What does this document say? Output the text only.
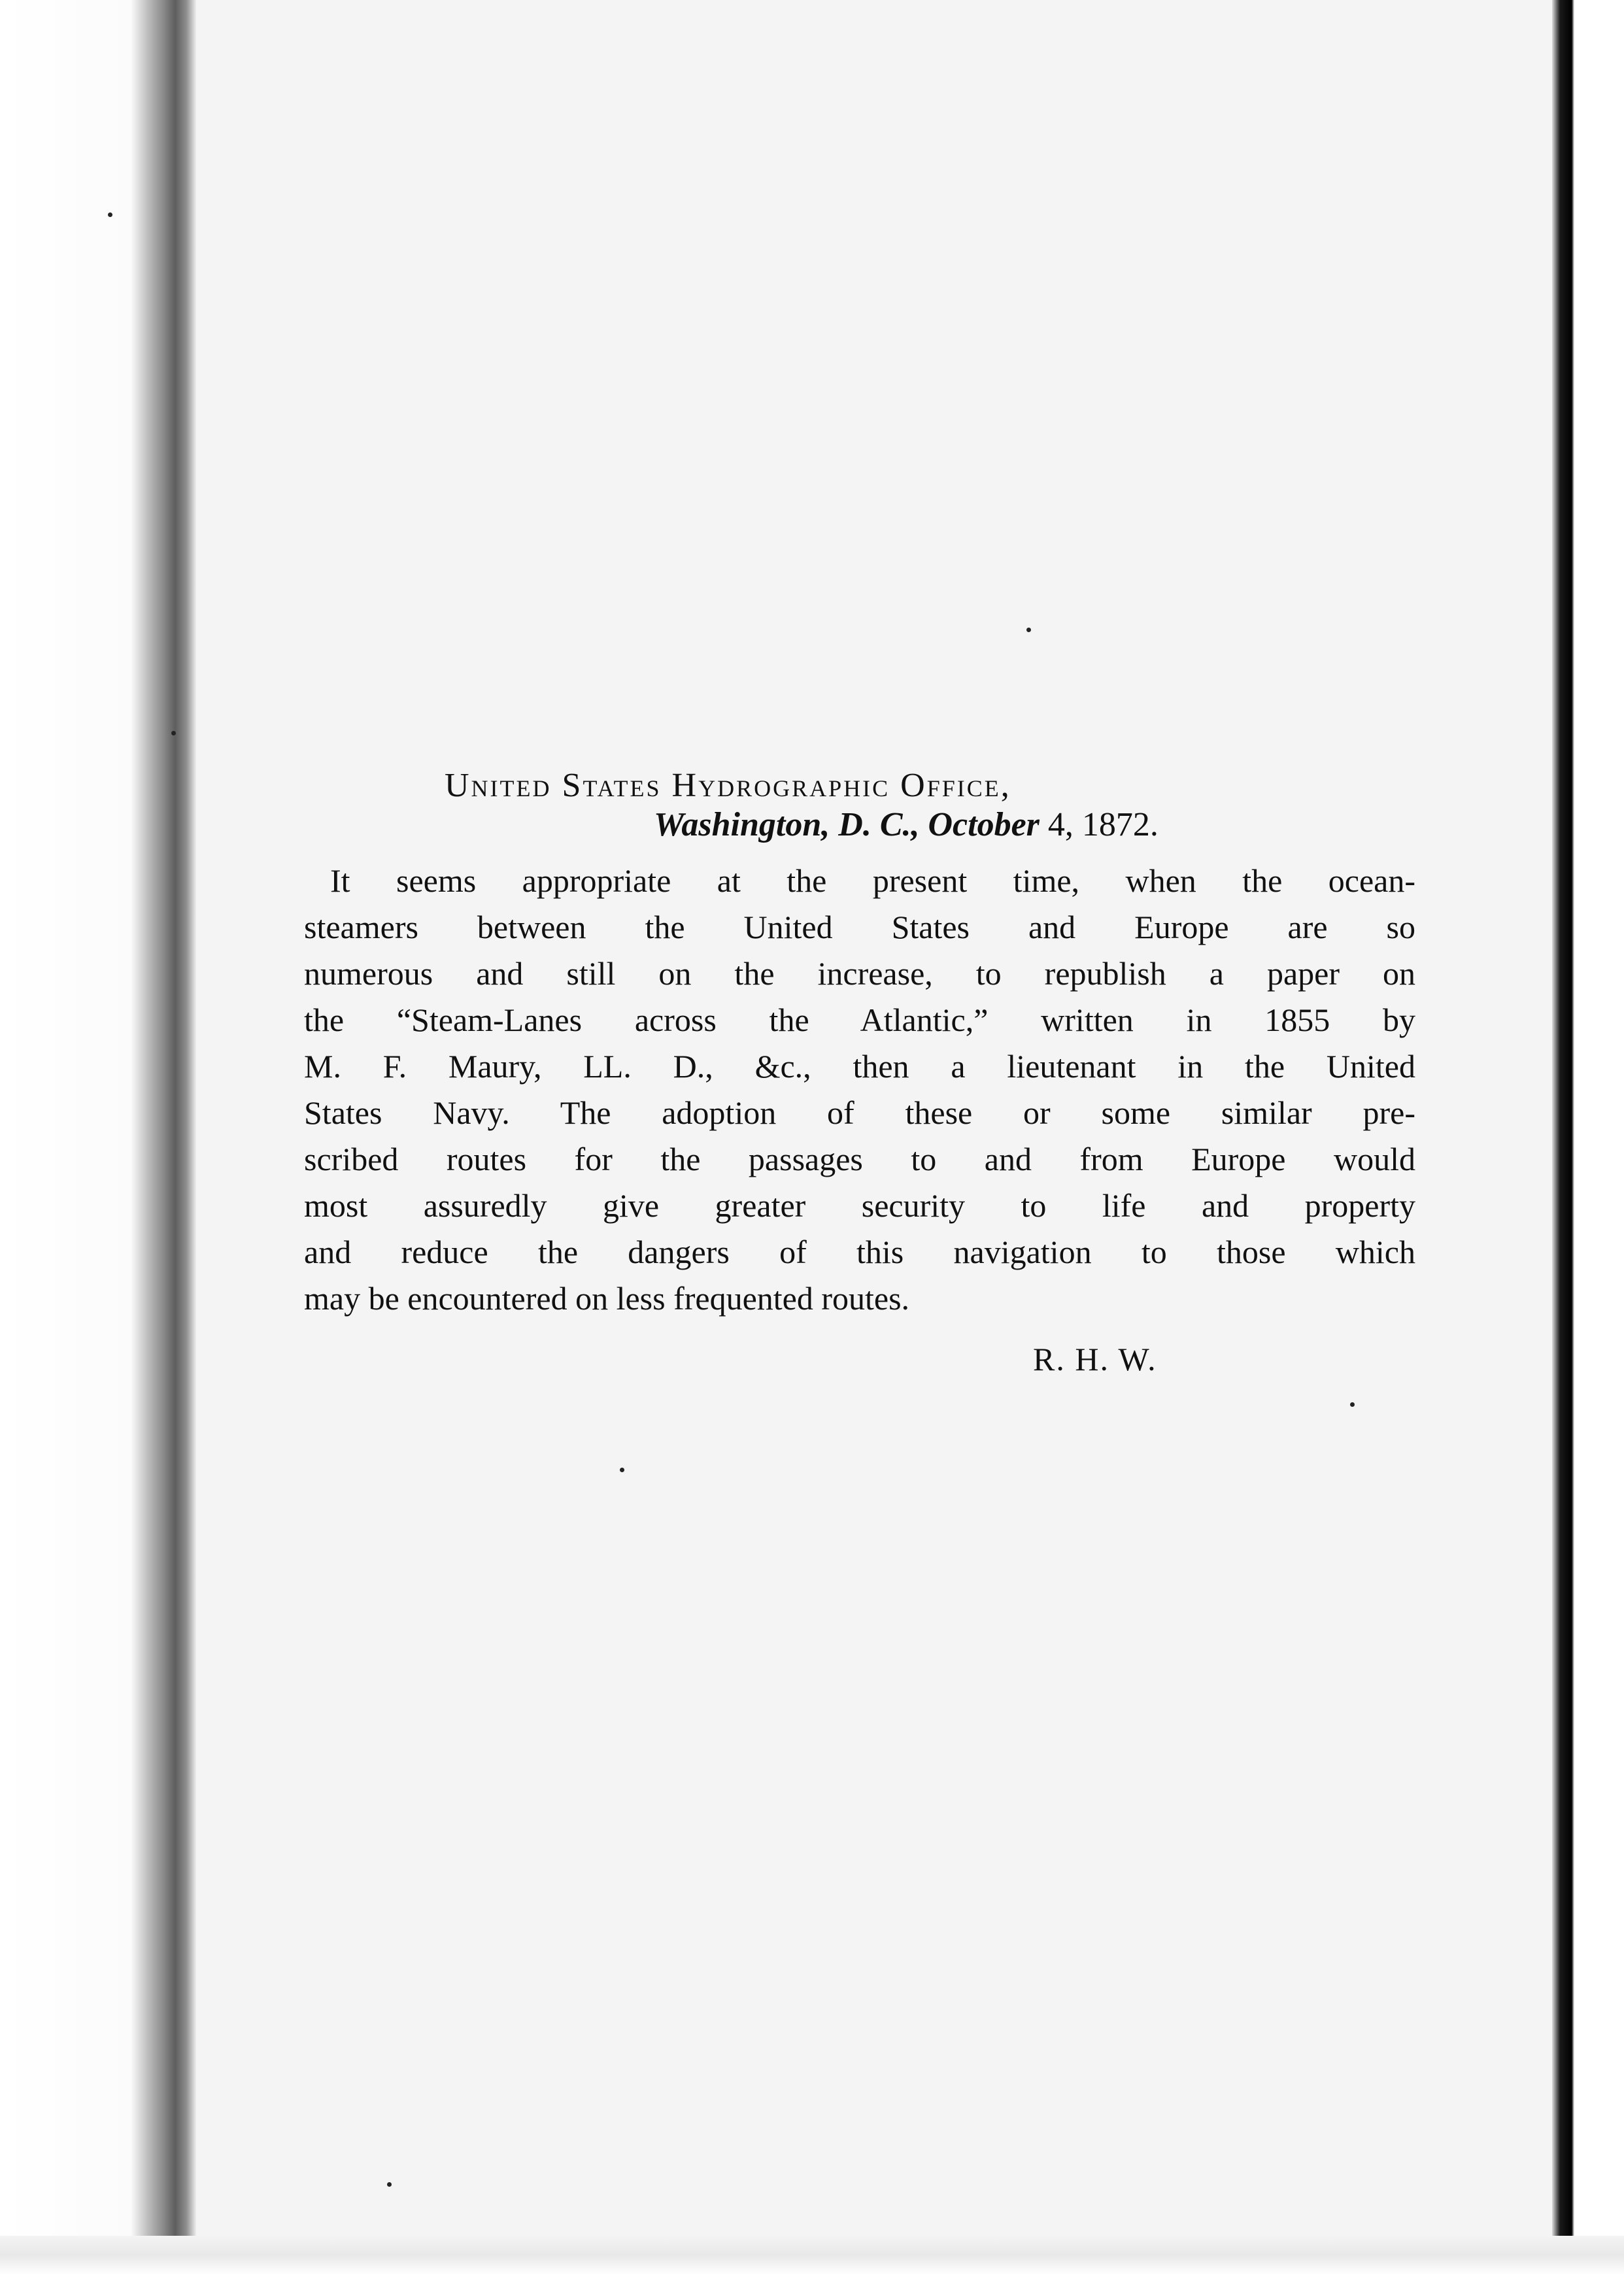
United States Hydrographic Office,
Washington, D. C., October 4, 1872.
It seems appropriate at the present time, when the ocean-
steamers between the United States and Europe are so
numerous and still on the increase, to republish a paper on
the “Steam-Lanes across the Atlantic,” written in 1855 by
M. F. Maury, LL. D., &c., then a lieutenant in the United
States Navy. The adoption of these or some similar pre-
scribed routes for the passages to and from Europe would
most assuredly give greater security to life and property
and reduce the dangers of this navigation to those which
may be encountered on less frequented routes.
R. H. W.
